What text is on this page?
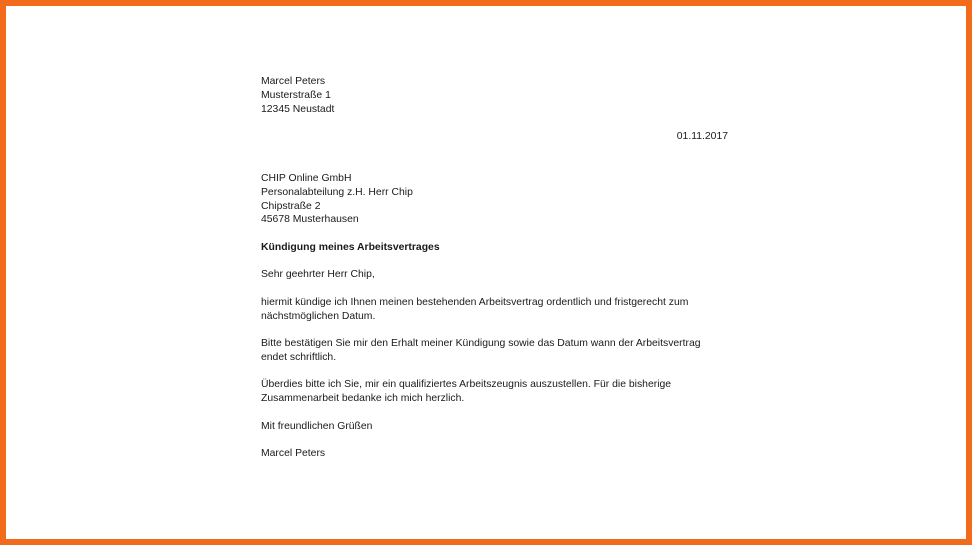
Marcel Peters
Musterstraße 1
12345 Neustadt
01.11.2017
CHIP Online GmbH
Personalabteilung z.H. Herr Chip
Chipstraße 2
45678 Musterhausen
Kündigung meines Arbeitsvertrages
Sehr geehrter Herr Chip,
hiermit kündige ich Ihnen meinen bestehenden Arbeitsvertrag ordentlich und fristgerecht zum
nächstmöglichen Datum.
Bitte bestätigen Sie mir den Erhalt meiner Kündigung sowie das Datum wann der Arbeitsvertrag
endet schriftlich.
Überdies bitte ich Sie, mir ein qualifiziertes Arbeitszeugnis auszustellen. Für die bisherige
Zusammenarbeit bedanke ich mich herzlich.
Mit freundlichen Grüßen
Marcel Peters
